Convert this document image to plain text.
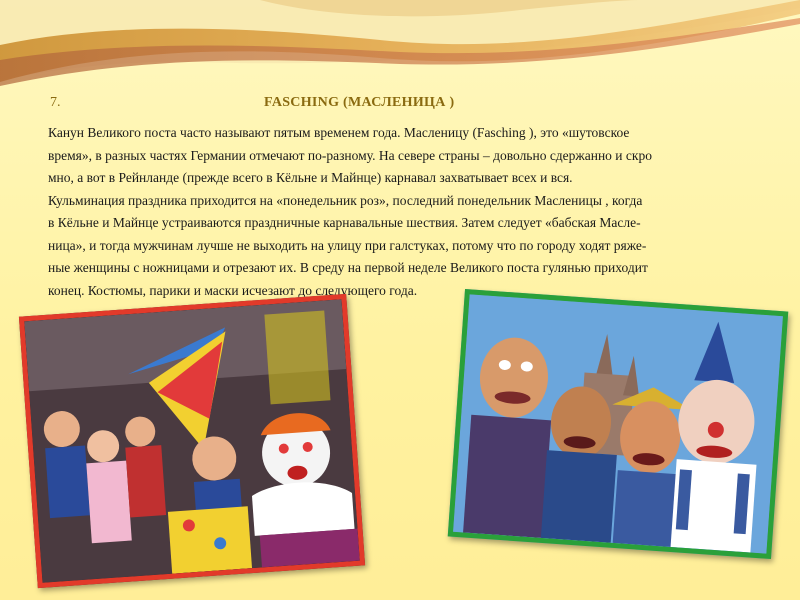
7.	FASCHING (МАСЛЕНИЦА )
Канун Великого поста часто называют пятым временем года. Масленицу (Fasching ), это «шутовское
время», в разных частях Германии отмечают по-разному. На севере страны – довольно сдержанно и скро
мно, а вот в Рейнланде (прежде всего в Кёльне и Майнце) карнавал захватывает всех и вся.
Кульминация праздника приходится на «понедельник роз», последний понедельник Масленицы , когда
в Кёльне и Майнце устраиваются праздничные карнавальные шествия. Затем следует «бабская Масле-
ница», и тогда мужчинам лучше не выходить на улицу при галстуках, потому что по городу ходят ряже-
ные женщины с ножницами и отрезают их. В среду на первой неделе Великого поста гулянью приходит
конец. Костюмы, парики и маски исчезают до следующего года.
